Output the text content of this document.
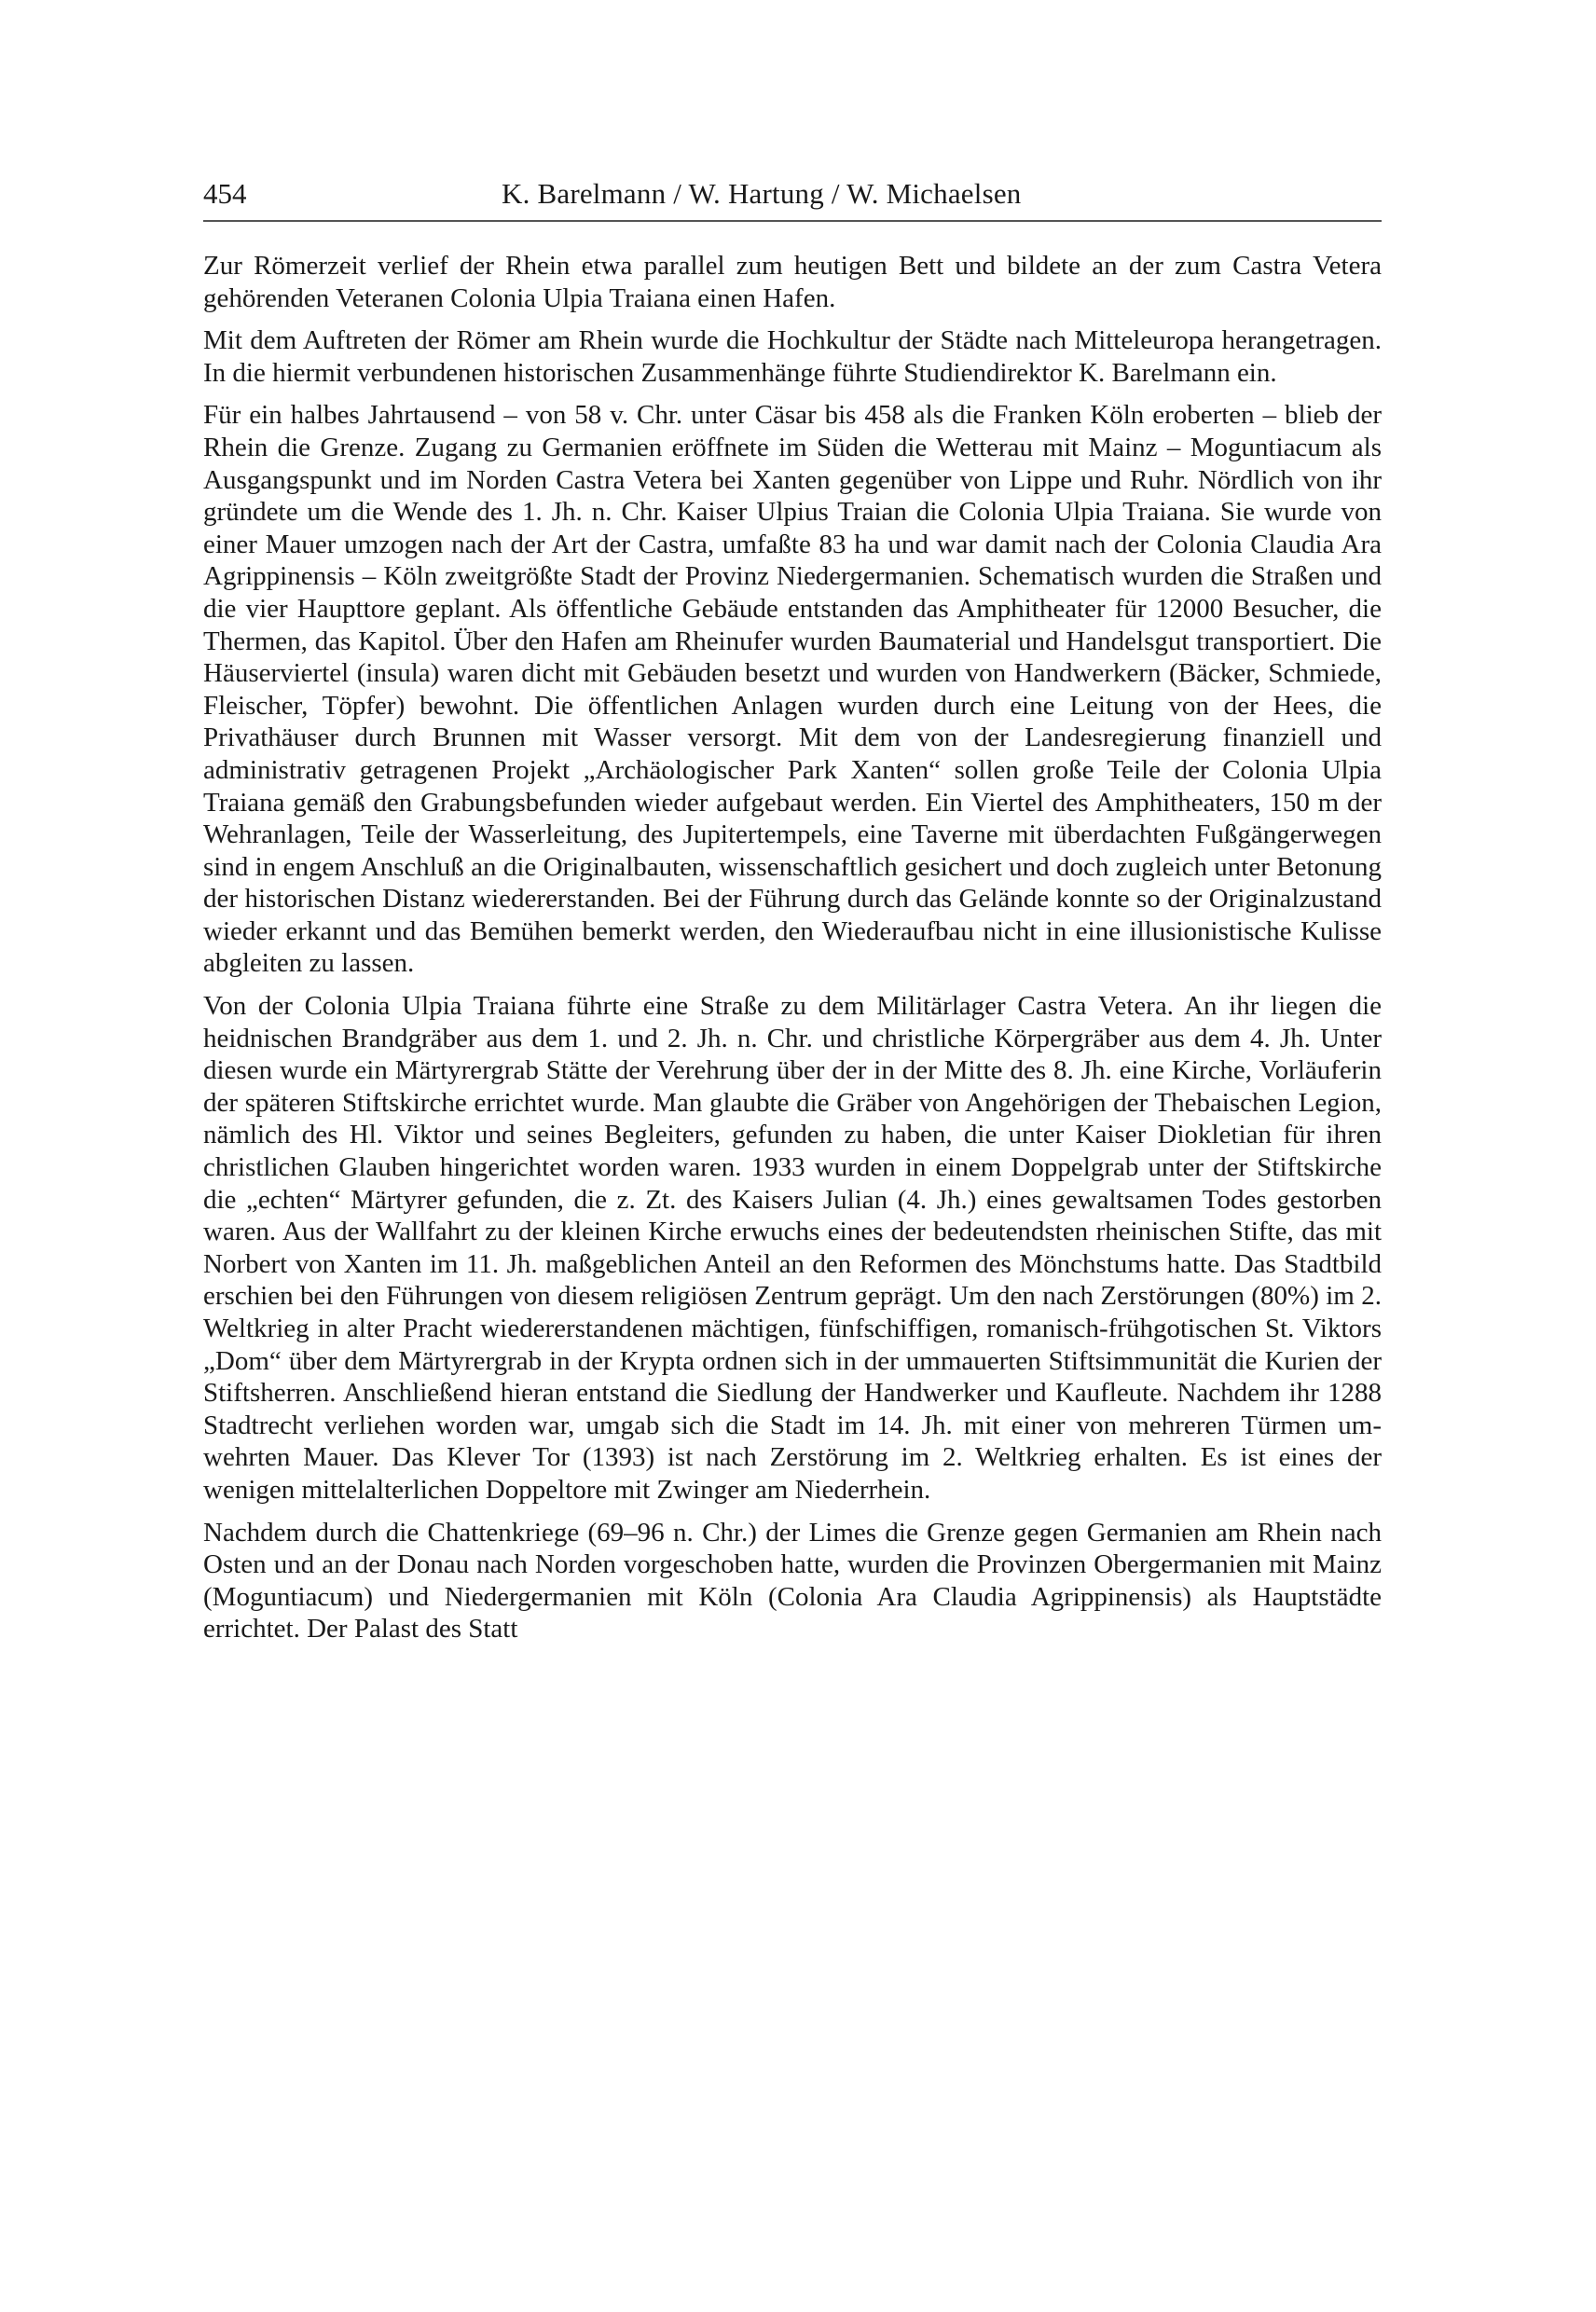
454	K. Barelmann / W. Hartung / W. Michaelsen

Zur Römerzeit verlief der Rhein etwa parallel zum heutigen Bett und bildete an der zum Castra Vetera gehörenden Veteranen Colonia Ulpia Traiana einen Hafen.

Mit dem Auftreten der Römer am Rhein wurde die Hochkultur der Städte nach Mitteleuropa herangetragen. In die hiermit verbundenen historischen Zusammenhänge führte Studiendirektor K. Barelmann ein.

Für ein halbes Jahrtausend – von 58 v. Chr. unter Cäsar bis 458 als die Franken Köln eroberten – blieb der Rhein die Grenze. Zugang zu Germanien eröffnete im Süden die Wetterau mit Mainz – Moguntiacum als Ausgangspunkt und im Norden Castra Vetera bei Xanten gegenüber von Lippe und Ruhr. Nördlich von ihr gründete um die Wende des 1. Jh. n. Chr. Kaiser Ulpius Traian die Colonia Ulpia Traiana. Sie wurde von einer Mauer umzogen nach der Art der Castra, umfaßte 83 ha und war damit nach der Colonia Claudia Ara Agrippinensis – Köln zweitgrößte Stadt der Provinz Niedergermanien. Schematisch wurden die Straßen und die vier Haupttore geplant. Als öffentliche Gebäude entstanden das Amphitheater für 12000 Besucher, die Thermen, das Kapitol. Über den Hafen am Rheinufer wurden Baumaterial und Handelsgut transportiert. Die Häuserviertel (insula) waren dicht mit Gebäuden besetzt und wurden von Handwerkern (Bäcker, Schmiede, Fleischer, Töpfer) bewohnt. Die öffentlichen Anlagen wurden durch eine Leitung von der Hees, die Privathäuser durch Brunnen mit Wasser versorgt. Mit dem von der Landesregierung finanziell und administrativ getragenen Projekt „Archäologischer Park Xanten“ sollen große Teile der Colonia Ulpia Traiana gemäß den Grabungsbefunden wieder aufgebaut werden. Ein Viertel des Amphitheaters, 150 m der Wehranlagen, Teile der Wasserleitung, des Jupitertempels, eine Taverne mit überdachten Fußgängerwegen sind in engem Anschluß an die Originalbauten, wissenschaftlich gesichert und doch zugleich unter Betonung der historischen Distanz wiedererstanden. Bei der Führung durch das Gelände konnte so der Originalzustand wieder erkannt und das Bemühen bemerkt werden, den Wiederaufbau nicht in eine illusionistische Kulisse abgleiten zu lassen.

Von der Colonia Ulpia Traiana führte eine Straße zu dem Militärlager Castra Vetera. An ihr liegen die heidnischen Brandgräber aus dem 1. und 2. Jh. n. Chr. und christliche Körpergräber aus dem 4. Jh. Unter diesen wurde ein Märtyrergrab Stätte der Verehrung über der in der Mitte des 8. Jh. eine Kirche, Vorläuferin der späteren Stiftskirche errichtet wurde. Man glaubte die Gräber von Angehörigen der Thebaischen Legion, nämlich des Hl. Viktor und seines Begleiters, gefunden zu haben, die unter Kaiser Diokletian für ihren christlichen Glauben hingerichtet worden waren. 1933 wurden in einem Doppelgrab unter der Stiftskirche die „echten“ Märtyrer gefunden, die z. Zt. des Kaisers Julian (4. Jh.) eines gewaltsamen Todes gestorben waren. Aus der Wallfahrt zu der kleinen Kirche erwuchs eines der bedeutendsten rheinischen Stifte, das mit Norbert von Xanten im 11. Jh. maßgeblichen Anteil an den Reformen des Mönchstums hatte. Das Stadtbild erschien bei den Führungen von diesem religiösen Zentrum geprägt. Um den nach Zerstörungen (80%) im 2. Weltkrieg in alter Pracht wiedererstandenen mächtigen, fünfschiffigen, romanisch-frühgotischen St. Viktors „Dom“ über dem Märtyrergrab in der Krypta ordnen sich in der ummauerten Stiftsimmunität die Kurien der Stiftsherren. Anschließend hieran entstand die Siedlung der Handwerker und Kaufleute. Nachdem ihr 1288 Stadtrecht verliehen worden war, umgab sich die Stadt im 14. Jh. mit einer von mehreren Türmen umwehrten Mauer. Das Klever Tor (1393) ist nach Zerstörung im 2. Weltkrieg erhalten. Es ist eines der wenigen mittelalterlichen Doppeltore mit Zwinger am Niederrhein.

Nachdem durch die Chattenkriege (69–96 n. Chr.) der Limes die Grenze gegen Germanien am Rhein nach Osten und an der Donau nach Norden vorgeschoben hatte, wurden die Provinzen Obergermanien mit Mainz (Moguntiacum) und Niedergermanien mit Köln (Colonia Ara Claudia Agrippinensis) als Hauptstädte errichtet. Der Palast des Statt
